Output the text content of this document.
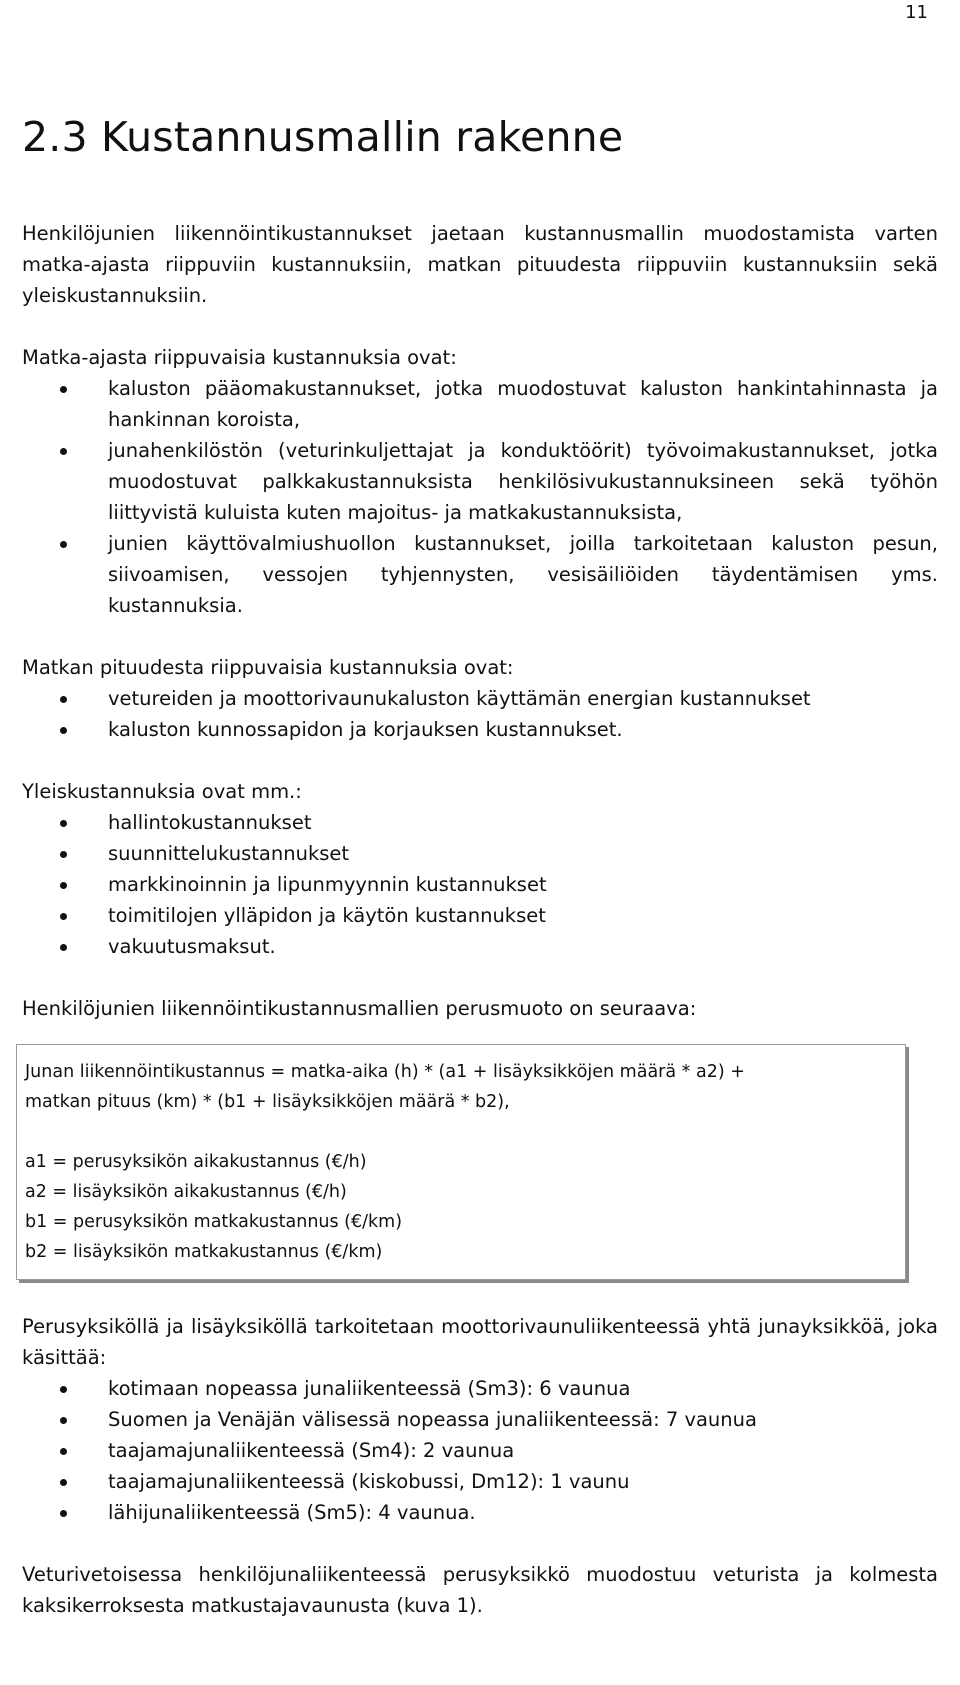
11
2.3 Kustannusmallin rakenne

Henkilöjunien liikennöintikustannukset jaetaan kustannusmallin muodostamista varten matka-ajasta riippuviin kustannuksiin, matkan pituudesta riippuviin kustannuksiin sekä yleiskustannuksiin.

Matka-ajasta riippuvaisia kustannuksia ovat:

kaluston pääomakustannukset, jotka muodostuvat kaluston hankintahinnasta ja hankinnan koroista,
junahenkilöstön (veturinkuljettajat ja konduktöörit) työvoimakustannukset, jotka muodostuvat palkkakustannuksista henkilösivukustannuksineen sekä työhön liittyvistä kuluista kuten majoitus- ja matkakustannuksista,
junien käyttövalmiushuollon kustannukset, joilla tarkoitetaan kaluston pesun, siivoamisen, vessojen tyhjennysten, vesisäiliöiden täydentämisen yms. kustannuksia.

Matkan pituudesta riippuvaisia kustannuksia ovat:

vetureiden ja moottorivaunukaluston käyttämän energian kustannukset
kaluston kunnossapidon ja korjauksen kustannukset.

Yleiskustannuksia ovat mm.:

hallintokustannukset
suunnittelukustannukset
markkinoinnin ja lipunmyynnin kustannukset
toimitilojen ylläpidon ja käytön kustannukset
vakuutusmaksut.

Henkilöjunien liikennöintikustannusmallien perusmuoto on seuraava:

Junan liikennöintikustannus = matka-aika (h) * (a1 + lisäyksikköjen määrä * a2) +
matkan pituus (km) * (b1 + lisäyksikköjen määrä * b2),
a1 = perusyksikön aikakustannus (€/h)
a2 = lisäyksikön aikakustannus (€/h)
b1 = perusyksikön matkakustannus (€/km)
b2 = lisäyksikön matkakustannus (€/km)

Perusyksiköllä ja lisäyksiköllä tarkoitetaan moottorivaunuliikenteessä yhtä junayksikköä, joka käsittää:

kotimaan nopeassa junaliikenteessä (Sm3): 6 vaunua
Suomen ja Venäjän välisessä nopeassa junaliikenteessä: 7 vaunua
taajamajunaliikenteessä (Sm4): 2 vaunua
taajamajunaliikenteessä (kiskobussi, Dm12): 1 vaunu
lähijunaliikenteessä (Sm5): 4 vaunua.

Veturivetoisessa henkilöjunaliikenteessä perusyksikkö muodostuu veturista ja kolmesta kaksikerroksesta matkustajavaunusta (kuva 1).
